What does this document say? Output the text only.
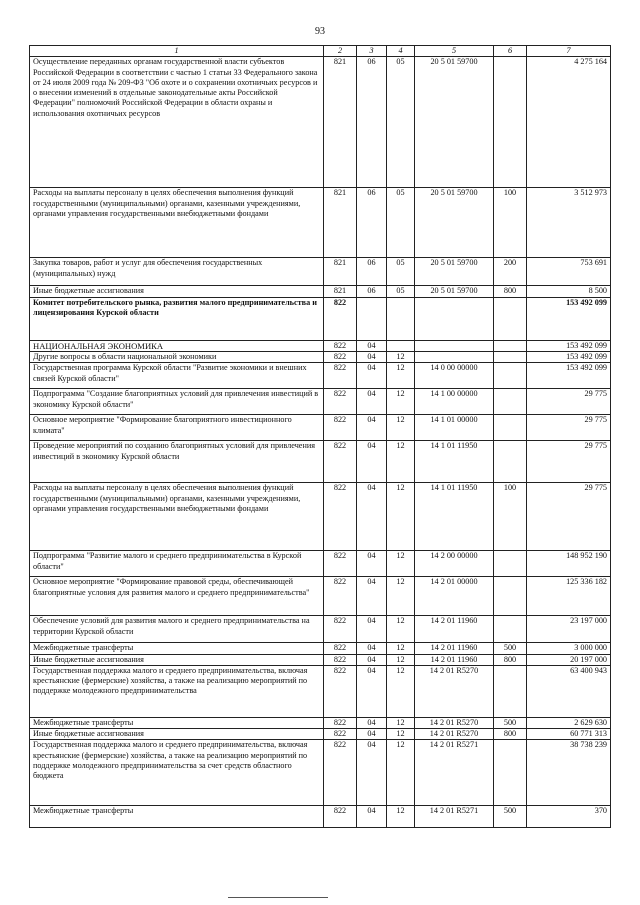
93
1	2	3	4	5	6	7
Осуществление переданных органам государственной власти субъектов Российской Федерации в соответствии с частью 1 статьи 33 Федерального закона от 24 июля 2009 года № 209-ФЗ "Об охоте и о сохранении охотничьих ресурсов и о внесении изменений в отдельные законодательные акты Российской Федерации" полномочий Российской Федерации в области охраны и использования охотничьих ресурсов	821	06	05	20 5 01 59700		4 275 164
Расходы на выплаты персоналу в целях обеспечения выполнения функций государственными (муниципальными) органами, казенными учреждениями, органами управления государственными внебюджетными фондами	821	06	05	20 5 01 59700	100	3 512 973
Закупка товаров, работ и услуг для обеспечения государственных (муниципальных) нужд	821	06	05	20 5 01 59700	200	753 691
Иные бюджетные ассигнования	821	06	05	20 5 01 59700	800	8 500
Комитет потребительского рынка, развития малого предпринимательства и лицензирования Курской области	822					153 492 099
НАЦИОНАЛЬНАЯ ЭКОНОМИКА	822	04				153 492 099
Другие вопросы в области национальной экономики	822	04	12			153 492 099
Государственная программа Курской области "Развитие экономики и внешних связей Курской области"	822	04	12	14 0 00 00000		153 492 099
Подпрограмма "Создание благоприятных условий для привлечения инвестиций в экономику Курской области"	822	04	12	14 1 00 00000		29 775
Основное мероприятие "Формирование благоприятного инвестиционного климата"	822	04	12	14 1 01 00000		29 775
Проведение мероприятий по созданию благоприятных условий для привлечения инвестиций в экономику Курской области	822	04	12	14 1 01 11950		29 775
Расходы на выплаты персоналу в целях обеспечения выполнения функций государственными (муниципальными) органами, казенными учреждениями, органами управления государственными внебюджетными фондами	822	04	12	14 1 01 11950	100	29 775
Подпрограмма "Развитие малого и среднего предпринимательства в Курской области"	822	04	12	14 2 00 00000		148 952 190
Основное мероприятие "Формирование правовой среды, обеспечивающей благоприятные условия для развития малого и среднего предпринимательства"	822	04	12	14 2 01 00000		125 336 182
Обеспечение условий для развития малого и среднего предпринимательства на территории Курской области	822	04	12	14 2 01 11960		23 197 000
Межбюджетные трансферты	822	04	12	14 2 01 11960	500	3 000 000
Иные бюджетные ассигнования	822	04	12	14 2 01 11960	800	20 197 000
Государственная поддержка малого и среднего предпринимательства, включая крестьянские (фермерские) хозяйства, а также на реализацию мероприятий по поддержке молодежного предпринимательства	822	04	12	14 2 01 R5270		63 400 943
Межбюджетные трансферты	822	04	12	14 2 01 R5270	500	2 629 630
Иные бюджетные ассигнования	822	04	12	14 2 01 R5270	800	60 771 313
Государственная поддержка малого и среднего предпринимательства, включая крестьянские (фермерские) хозяйства, а также на реализацию мероприятий по поддержке молодежного предпринимательства за счет средств областного бюджета	822	04	12	14 2 01 R5271		38 738 239
Межбюджетные трансферты	822	04	12	14 2 01 R5271	500	370
